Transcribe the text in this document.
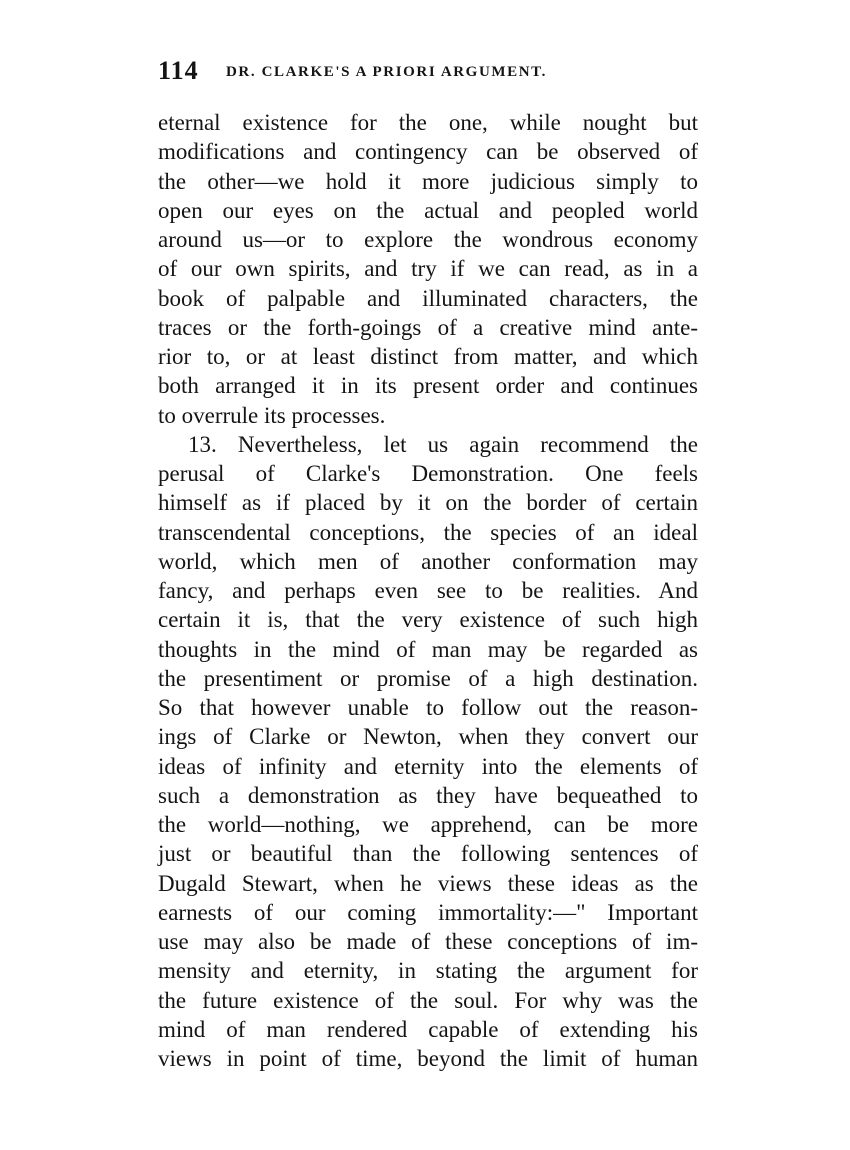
114 DR. CLARKE'S A PRIORI ARGUMENT.
eternal existence for the one, while nought but
modifications and contingency can be observed of
the other—we hold it more judicious simply to
open our eyes on the actual and peopled world
around us—or to explore the wondrous economy
of our own spirits, and try if we can read, as in a
book of palpable and illuminated characters, the
traces or the forth-goings of a creative mind ante-
rior to, or at least distinct from matter, and which
both arranged it in its present order and continues
to overrule its processes.
13. Nevertheless, let us again recommend the
perusal of Clarke's Demonstration. One feels
himself as if placed by it on the border of certain
transcendental conceptions, the species of an ideal
world, which men of another conformation may
fancy, and perhaps even see to be realities. And
certain it is, that the very existence of such high
thoughts in the mind of man may be regarded as
the presentiment or promise of a high destination.
So that however unable to follow out the reason-
ings of Clarke or Newton, when they convert our
ideas of infinity and eternity into the elements of
such a demonstration as they have bequeathed to
the world—nothing, we apprehend, can be more
just or beautiful than the following sentences of
Dugald Stewart, when he views these ideas as the
earnests of our coming immortality:—" Important
use may also be made of these conceptions of im-
mensity and eternity, in stating the argument for
the future existence of the soul. For why was the
mind of man rendered capable of extending his
views in point of time, beyond the limit of human
